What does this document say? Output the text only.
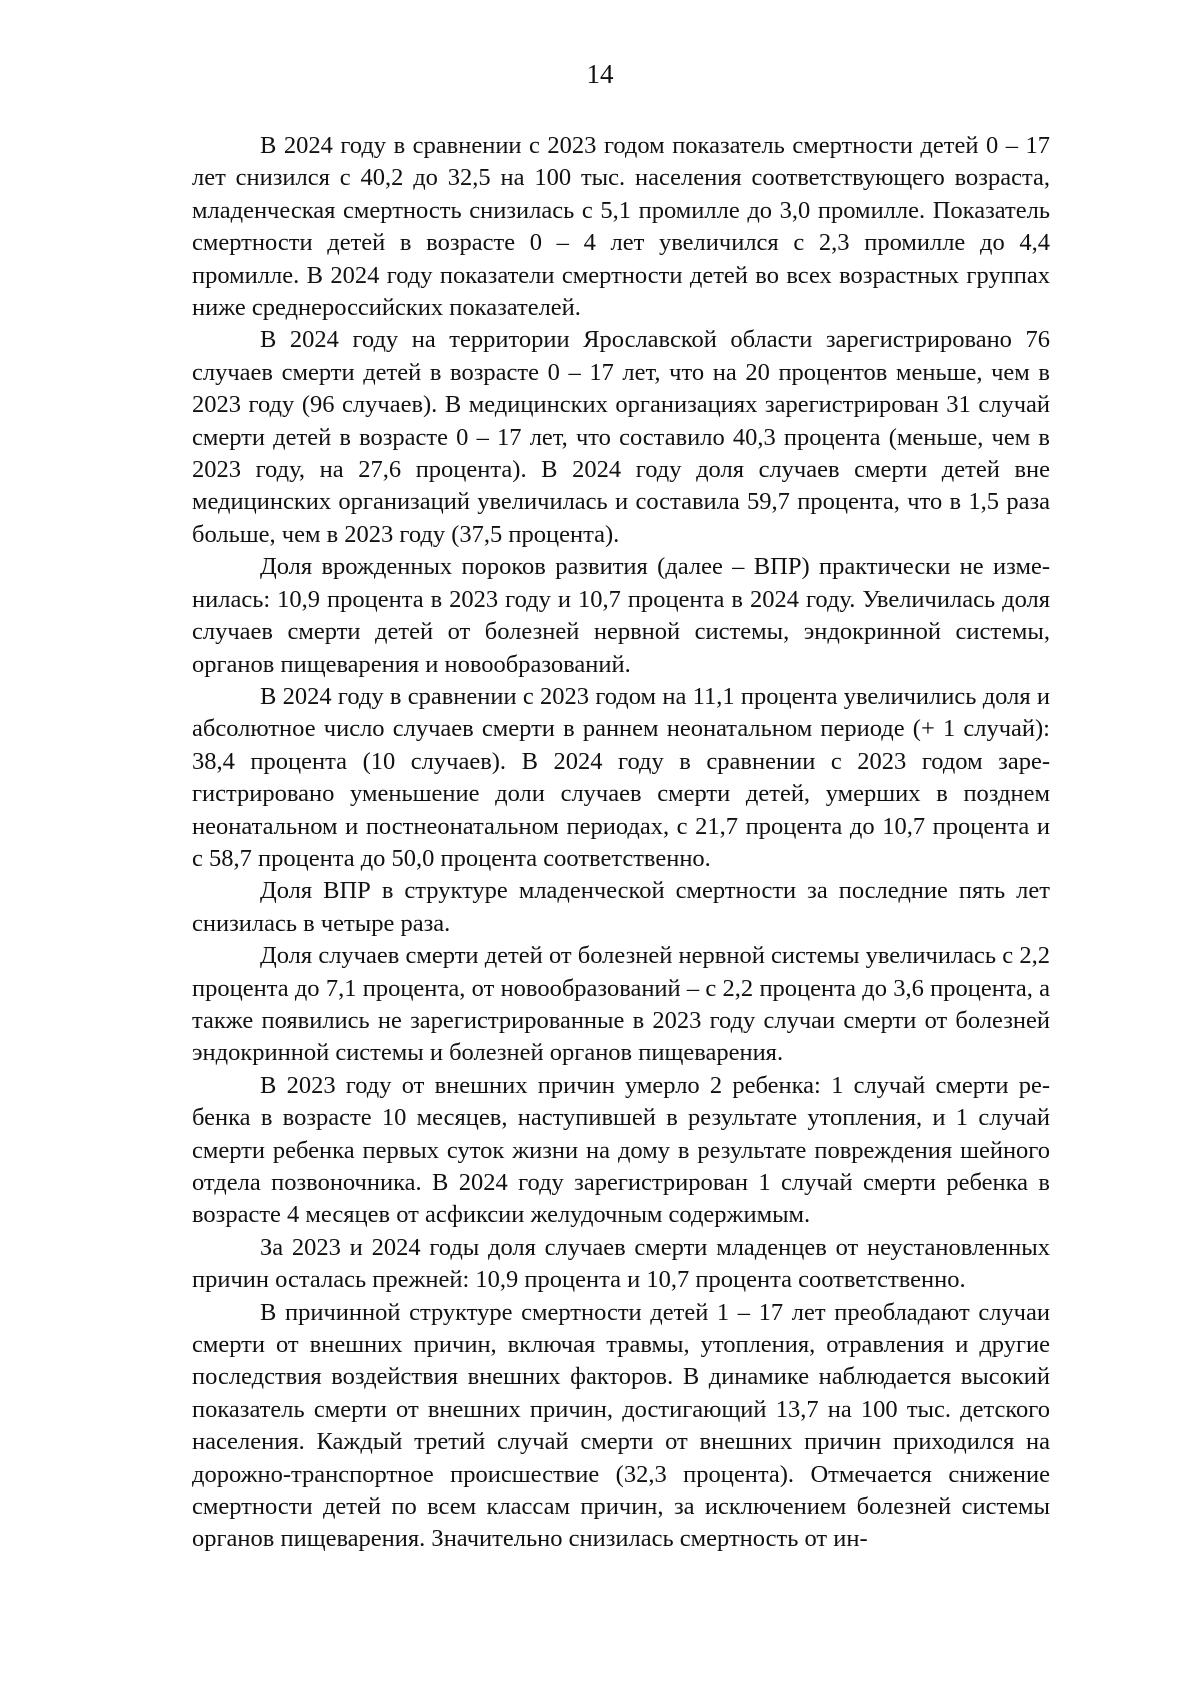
14

В 2024 году в сравнении с 2023 годом показатель смертности детей 0 – 17 лет снизился с 40,2 до 32,5 на 100 тыс. населения соответствующего возраста, младенческая смертность снизилась с 5,1 промилле до 3,0 промилле. Показатель смертности детей в возрасте 0 – 4 лет увеличился с 2,3 промилле до 4,4 промилле. В 2024 году показатели смертности детей во всех возрастных группах ниже среднероссийских показателей.

В 2024 году на территории Ярославской области зарегистрировано 76 случаев смерти детей в возрасте 0 – 17 лет, что на 20 процентов меньше, чем в 2023 году (96 случаев). В медицинских организациях зарегистрирован 31 случай смерти детей в возрасте 0 – 17 лет, что составило 40,3 процента (меньше, чем в 2023 году, на 27,6 процента). В 2024 году доля случаев смерти детей вне медицинских организаций увеличилась и составила 59,7 процента, что в 1,5 раза больше, чем в 2023 году (37,5 процента).

Доля врожденных пороков развития (далее – ВПР) практически не изменилась: 10,9 процента в 2023 году и 10,7 процента в 2024 году. Увеличилась доля случаев смерти детей от болезней нервной системы, эндокринной системы, органов пищеварения и новообразований.

В 2024 году в сравнении с 2023 годом на 11,1 процента увеличились доля и абсолютное число случаев смерти в раннем неонатальном периоде (+ 1 случай): 38,4 процента (10 случаев). В 2024 году в сравнении с 2023 годом зарегистрировано уменьшение доли случаев смерти детей, умерших в позднем неонатальном и постнеонатальном периодах, с 21,7 процента до 10,7 процента и с 58,7 процента до 50,0 процента соответственно.

Доля ВПР в структуре младенческой смертности за последние пять лет снизилась в четыре раза.

Доля случаев смерти детей от болезней нервной системы увеличилась с 2,2 процента до 7,1 процента, от новообразований – с 2,2 процента до 3,6 процента, а также появились не зарегистрированные в 2023 году случаи смерти от болезней эндокринной системы и болезней органов пищеварения.

В 2023 году от внешних причин умерло 2 ребенка: 1 случай смерти ребенка в возрасте 10 месяцев, наступившей в результате утопления, и 1 случай смерти ребенка первых суток жизни на дому в результате повреждения шейного отдела позвоночника. В 2024 году зарегистрирован 1 случай смерти ребенка в возрасте 4 месяцев от асфиксии желудочным содержимым.

За 2023 и 2024 годы доля случаев смерти младенцев от неустановленных причин осталась прежней: 10,9 процента и 10,7 процента соответственно.

В причинной структуре смертности детей 1 – 17 лет преобладают случаи смерти от внешних причин, включая травмы, утопления, отравления и другие последствия воздействия внешних факторов. В динамике наблюдается высокий показатель смерти от внешних причин, достигающий 13,7 на 100 тыс. детского населения. Каждый третий случай смерти от внешних причин приходился на дорожно-транспортное происшествие (32,3 процента). Отмечается снижение смертности детей по всем классам причин, за исключением болезней системы органов пищеварения. Значительно снизилась смертность от ин-
